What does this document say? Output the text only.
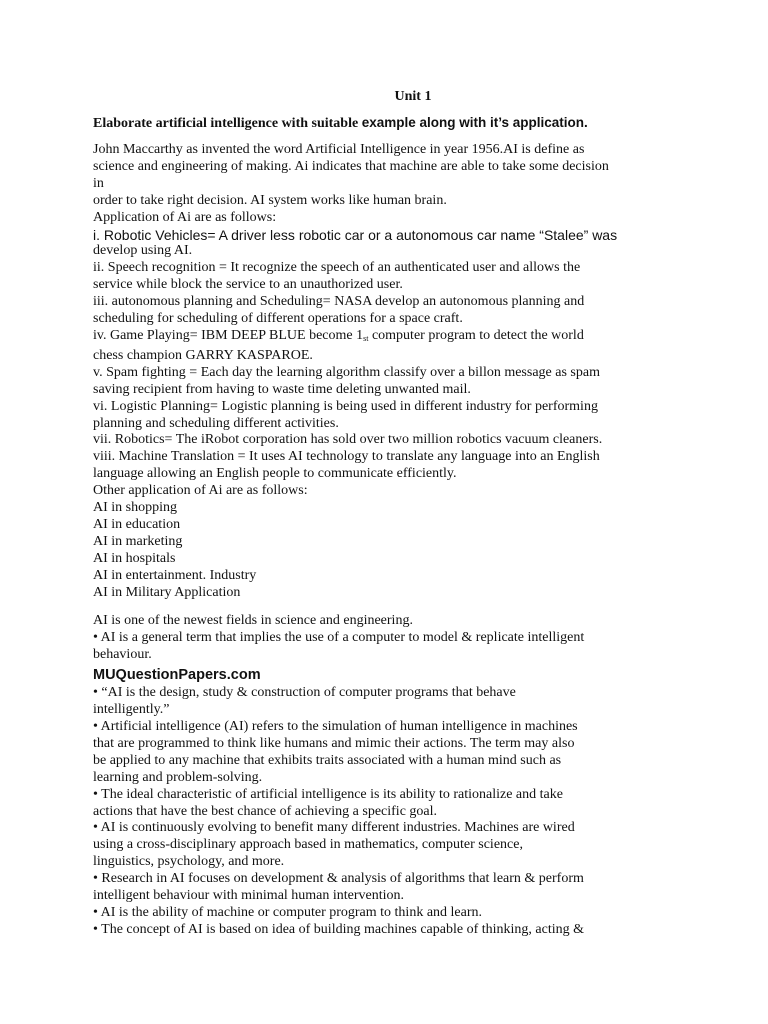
Unit 1
Elaborate artificial intelligence with suitable example along with it’s application.
John Maccarthy as invented the word Artificial Intelligence in year 1956.AI is define as
science and engineering of making. Ai indicates that machine are able to take some decision
in
order to take right decision. AI system works like human brain.
Application of Ai are as follows:
i. Robotic Vehicles= A driver less robotic car or a autonomous car name “Stalee” was
develop using AI.
ii. Speech recognition = It recognize the speech of an authenticated user and allows the
service while block the service to an unauthorized user.
iii. autonomous planning and Scheduling= NASA develop an autonomous planning and
scheduling for scheduling of different operations for a space craft.
iv. Game Playing= IBM DEEP BLUE become $1_{st}$ computer program to detect the world
chess champion GARRY KASPAROE.
v. Spam fighting = Each day the learning algorithm classify over a billon message as spam
saving recipient from having to waste time deleting unwanted mail.
vi. Logistic Planning= Logistic planning is being used in different industry for performing
planning and scheduling different activities.
vii. Robotics= The iRobot corporation has sold over two million robotics vacuum cleaners.
viii. Machine Translation = It uses AI technology to translate any language into an English
language allowing an English people to communicate efficiently.
Other application of Ai are as follows:
AI in shopping
AI in education
AI in marketing
AI in hospitals
AI in entertainment. Industry
AI in Military Application
AI is one of the newest fields in science and engineering.
• AI is a general term that implies the use of a computer to model & replicate intelligent
behaviour.
MUQuestionPapers.com
• “AI is the design, study & construction of computer programs that behave
intelligently.”
• Artificial intelligence (AI) refers to the simulation of human intelligence in machines
that are programmed to think like humans and mimic their actions. The term may also
be applied to any machine that exhibits traits associated with a human mind such as
learning and problem-solving.
• The ideal characteristic of artificial intelligence is its ability to rationalize and take
actions that have the best chance of achieving a specific goal.
• AI is continuously evolving to benefit many different industries. Machines are wired
using a cross-disciplinary approach based in mathematics, computer science,
linguistics, psychology, and more.
• Research in AI focuses on development & analysis of algorithms that learn & perform
intelligent behaviour with minimal human intervention.
• AI is the ability of machine or computer program to think and learn.
• The concept of AI is based on idea of building machines capable of thinking, acting &
